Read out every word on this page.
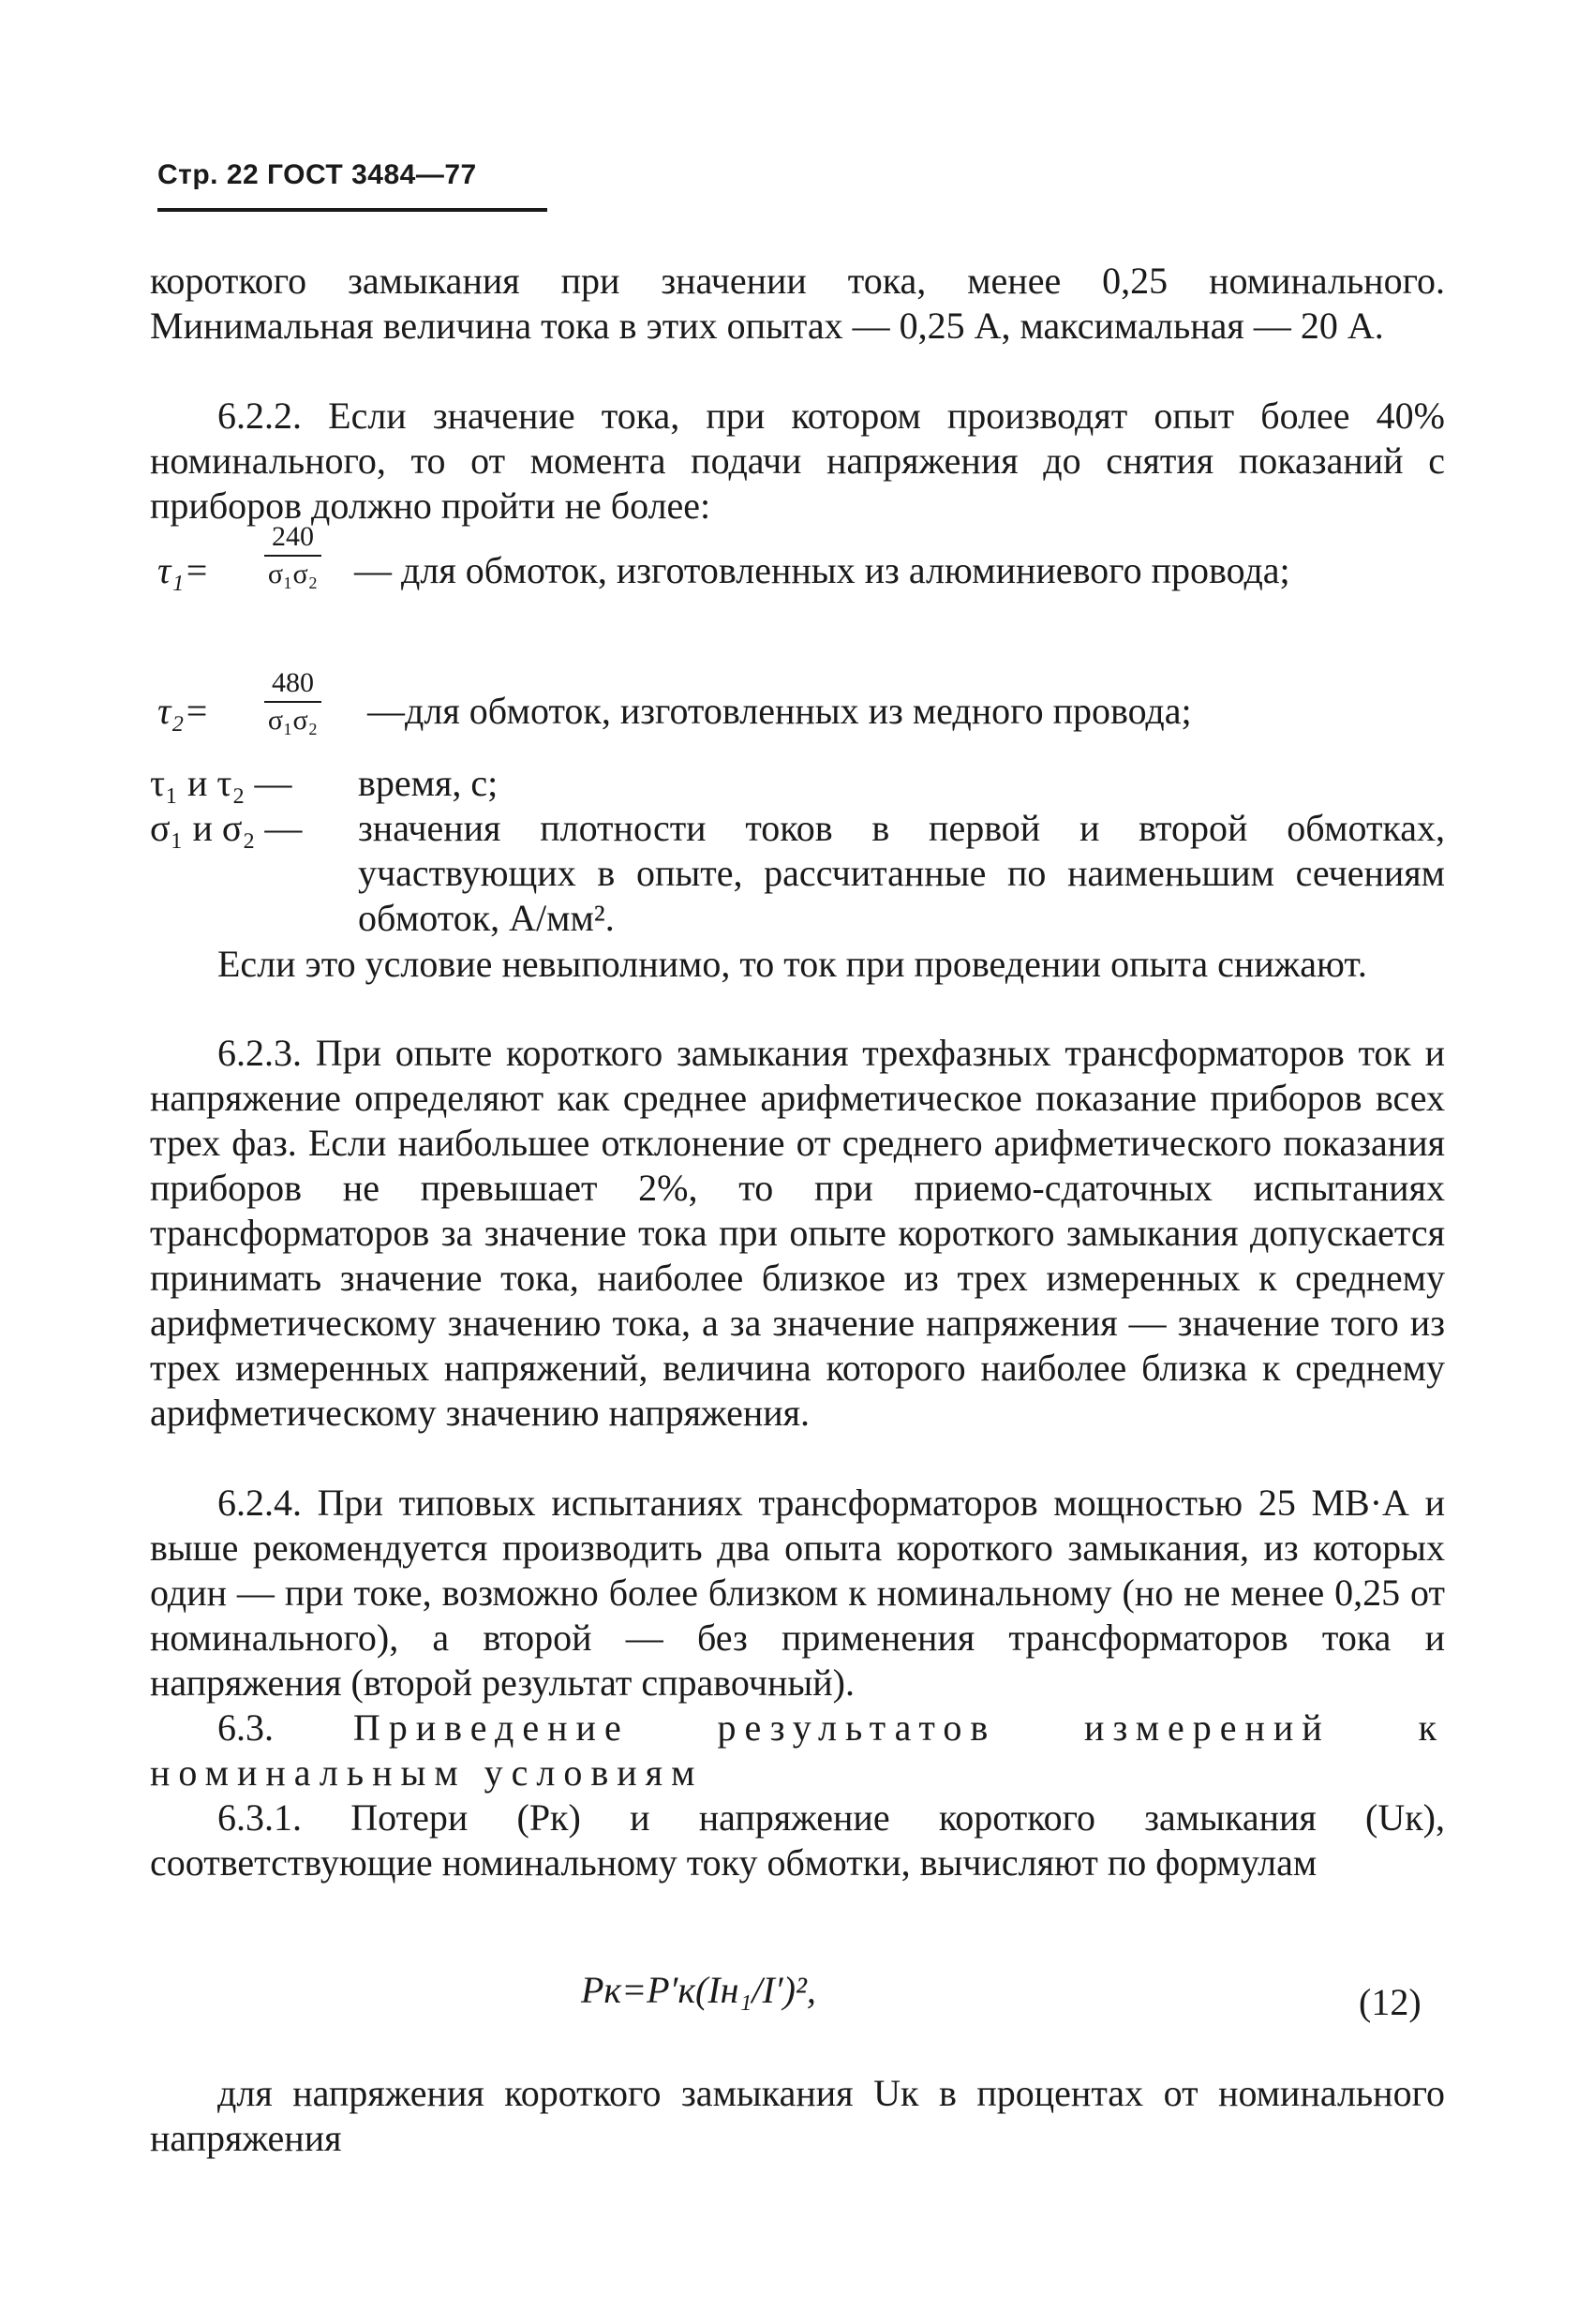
Стр. 22 ГОСТ 3484—77

короткого замыкания при значении тока, менее 0,25 номинального. Минимальная величина тока в этих опытах — 0,25 А, максимальная — 20 А.

6.2.2. Если значение тока, при котором производят опыт более 40% номинального, то от момента подачи напряжения до снятия показаний с приборов должно пройти не более:

$\tau_1= \frac{240}{\text{σ₁σ₂}}$ — для обмоток, изготовленных из алюминиевого провода;
$\tau_2= \frac{480}{\text{σ₁σ₂}}$ —для обмоток, изготовленных из медного провода;
τ₁ и τ₂ —	время, с;
σ₁ и σ₂ —	значения плотности токов в первой и второй обмотках, участвующих в опыте, рассчитанные по наименьшим сечениям обмоток, А/мм².

Если это условие невыполнимо, то ток при проведении опыта снижают.

6.2.3. При опыте короткого замыкания трехфазных трансформаторов ток и напряжение определяют как среднее арифметическое показание приборов всех трех фаз. Если наибольшее отклонение от среднего арифметического показания приборов не превышает 2%, то при приемо-сдаточных испытаниях трансформаторов за значение тока при опыте короткого замыкания допускается принимать значение тока, наиболее близкое из трех измеренных к среднему арифметическому значению тока, а за значение напряжения — значение того из трех измеренных напряжений, величина которого наиболее близка к среднему арифметическому значению напряжения.

6.2.4. При типовых испытаниях трансформаторов мощностью 25 МВ·А и выше рекомендуется производить два опыта короткого замыкания, из которых один — при токе, возможно более близком к номинальному (но не менее 0,25 от номинального), а второй — без применения трансформаторов тока и напряжения (второй результат справочный).

6.3. Приведение результатов измерений к номинальным условиям

6.3.1. Потери (Pк) и напряжение короткого замыкания (Uк), соответствующие номинальному току обмотки, вычисляют по формулам

Pк=P′к(Iн₁/I′)²,	(12)

для напряжения короткого замыкания Uк в процентах от номинального напряжения
